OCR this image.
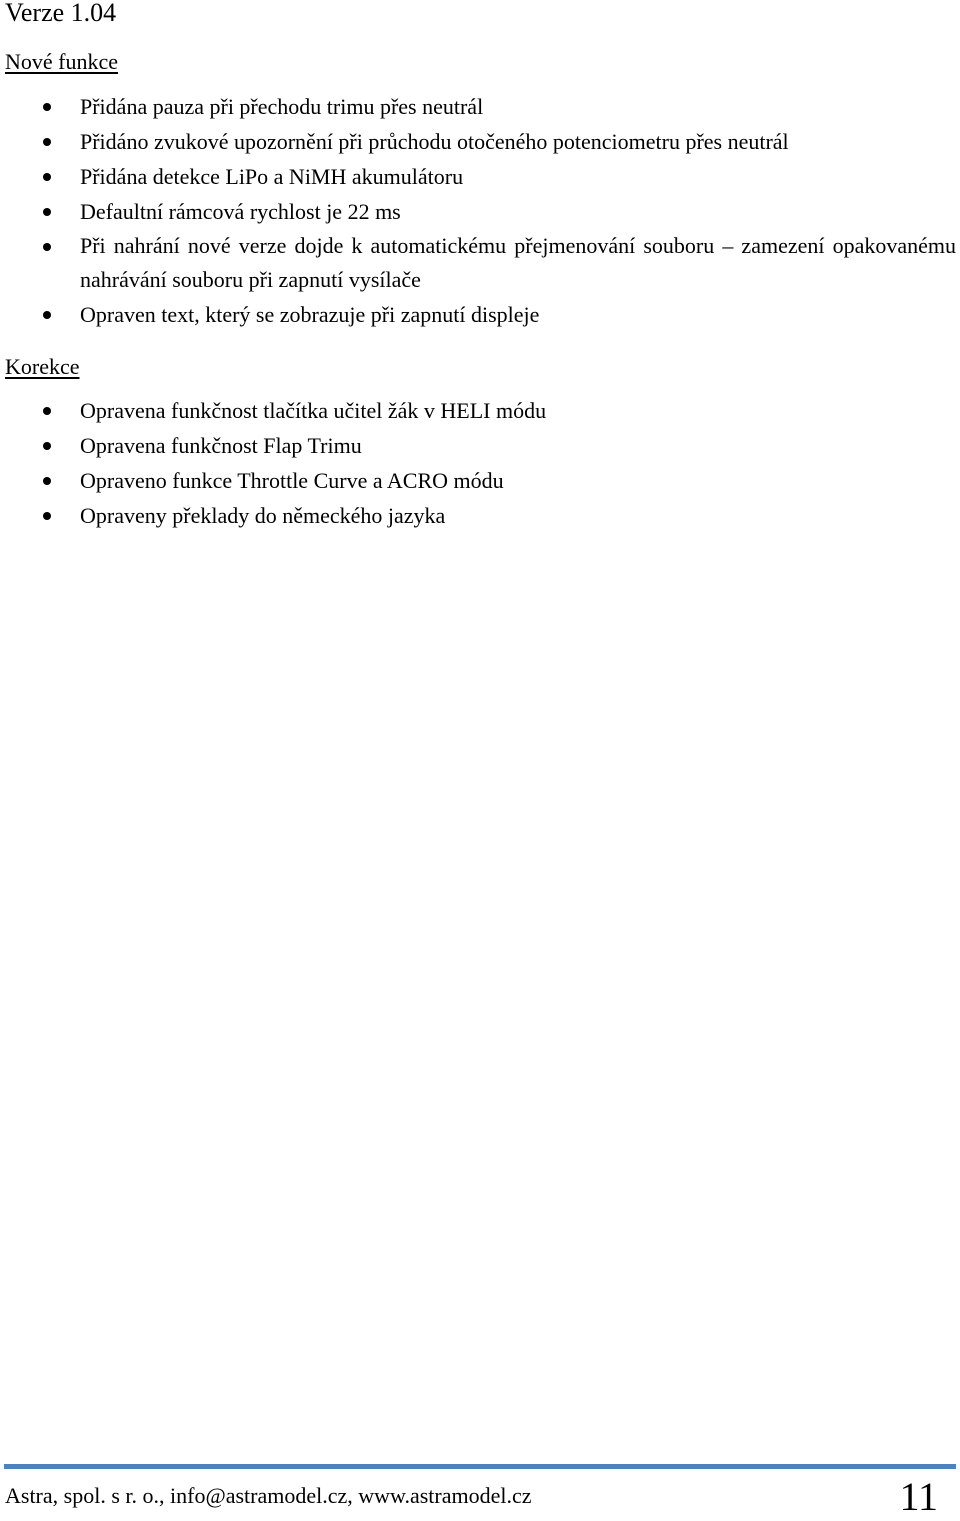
Verze 1.04
Nové funkce
Přidána pauza při přechodu trimu přes neutrál
Přidáno zvukové upozornění při průchodu otočeného potenciometru přes neutrál
Přidána detekce LiPo a NiMH akumulátoru
Defaultní rámcová rychlost je 22 ms
Při nahrání nové verze dojde k automatickému přejmenování souboru – zamezení opakovanému nahrávání souboru při zapnutí vysílače
Opraven text, který se zobrazuje při zapnutí displeje
Korekce
Opravena funkčnost tlačítka učitel žák v HELI módu
Opravena funkčnost Flap Trimu
Opraveno funkce Throttle Curve a ACRO módu
Opraveny překlady do německého jazyka
Astra, spol. s r. o., info@astramodel.cz, www.astramodel.cz	11
